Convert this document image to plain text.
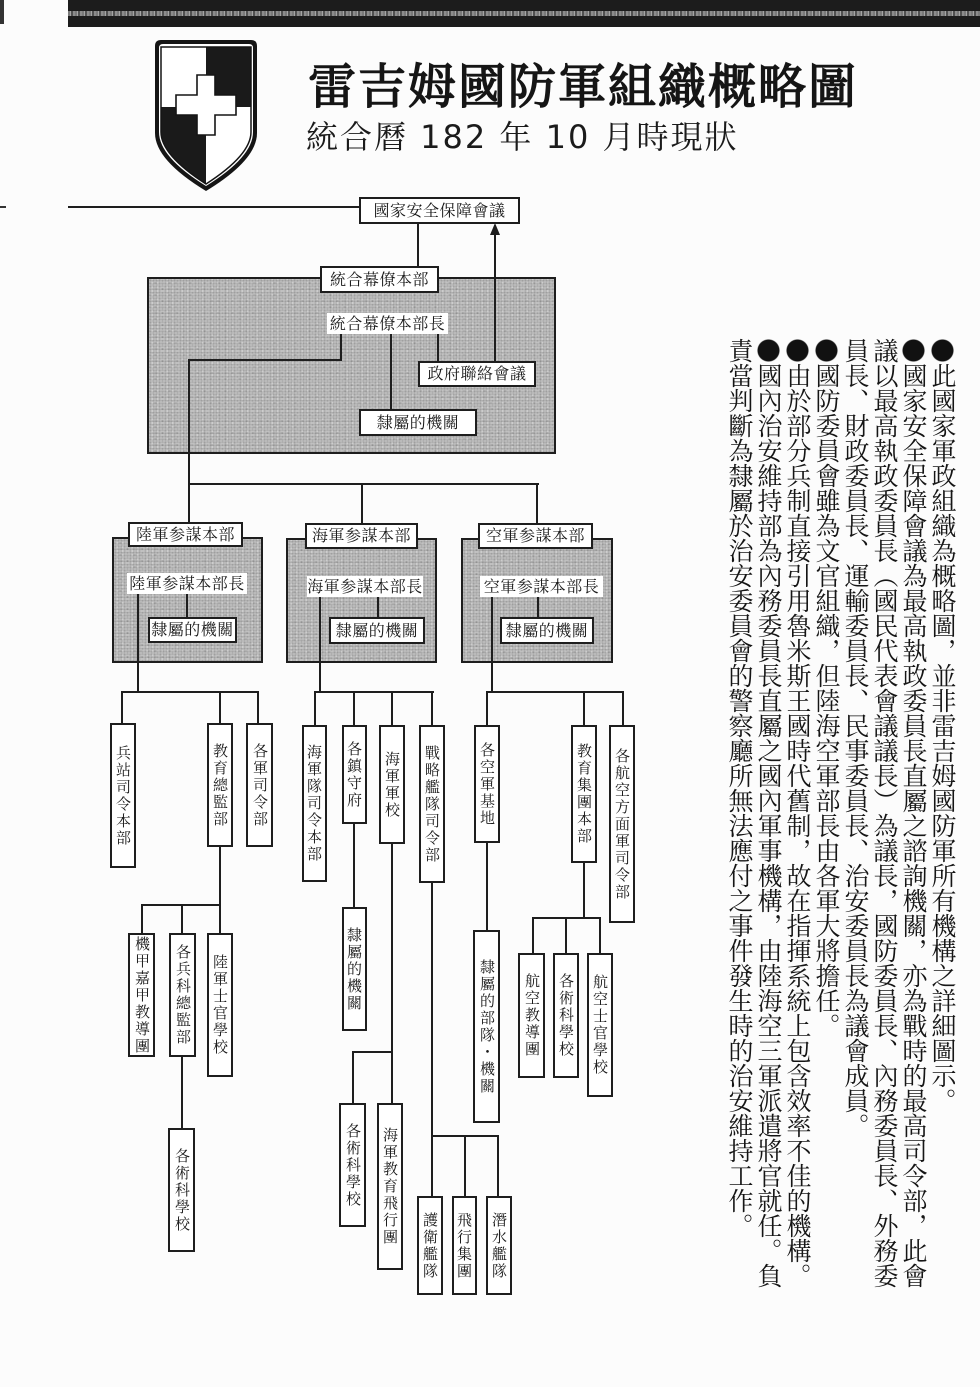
雷吉姆國防軍組織概略圖
統合曆 182 年 10 月時現狀
國家安全保障會議
統合幕僚本部
統合幕僚本部長
政府聯絡會議
隸屬的機關
陸軍参謀本部
陸軍参謀本部長
隸屬的機關
兵站司令本部	教育總監部	各軍司令部
機甲嘉甲教導團	各兵科總監部 陸軍士官學校
各術科學校
海軍参謀本部
海軍参謀本部長
隸屬的機關
海軍隊司令本部 各鎮守府 海軍軍校 戰略艦隊司令部
隸屬的機關
各術科學校 海軍教育飛行團 護衛艦隊 飛行集團 潛水艦隊
空軍参謀本部
空軍参謀本部長
隸屬的機關
各空軍基地	教育集團本部 各航空方面軍司令部
隸屬的部隊・機關	航空教導團 各術科學校 航空士官學校	此國家軍政組織為概略圖，並非雷吉姆國防軍所有機構之詳細圖示。

國家安全保障會議為最高執政委員長直屬之諮詢機關，亦為戰時的最高司令部，此會議以最高執政委員長（國民代表會議議長）為議長，國防委員長、內務委員長、外務委員長、財政委員長、運輸委員長、民事委員長、治安委員長為議會成員。

國防委員會雖為文官組織，但陸海空軍部長由各軍大將擔任。

由於部分兵制直接引用魯米斯王國時代舊制，故在指揮系統上包含效率不佳的機構。

國內治安維持部為內務委員長直屬之國內軍事機構，由陸海空三軍派遣將官就任。負責當判斷為隸屬於治安委員會的警察廳所無法應付之事件發生時的治安維持工作。
